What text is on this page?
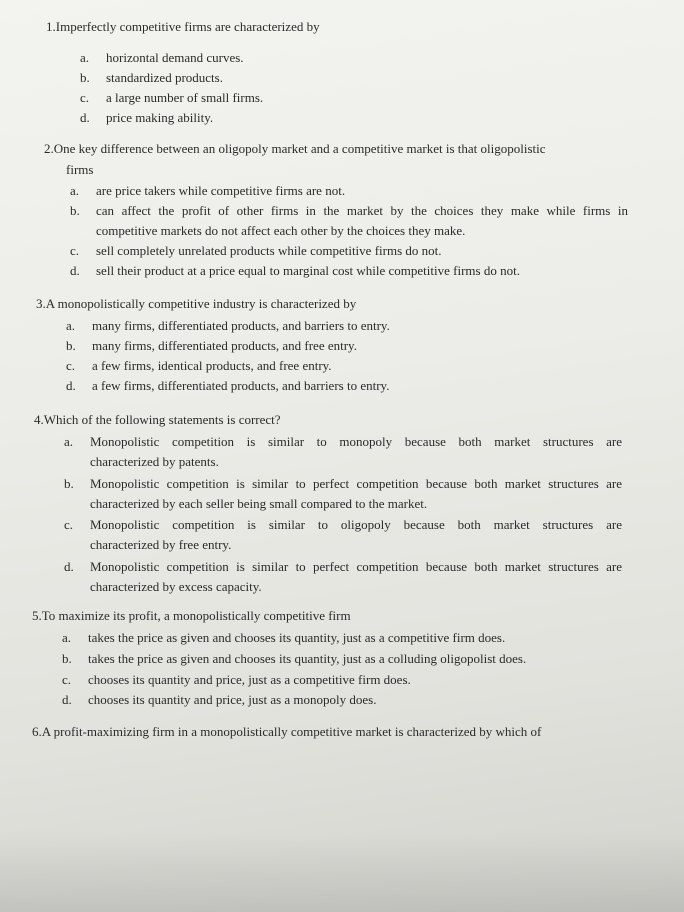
1.Imperfectly competitive firms are characterized by
a.	horizontal demand curves.
b.	standardized products.
c.	a large number of small firms.
d.	price making ability.
2.One key difference between an oligopoly market and a competitive market is that oligopolistic
firms
a.	are price takers while competitive firms are not.
b.	can affect the profit of other firms in the market by the choices they make while firms in
competitive markets do not affect each other by the choices they make.
c.	sell completely unrelated products while competitive firms do not.
d.	sell their product at a price equal to marginal cost while competitive firms do not.
3.A monopolistically competitive industry is characterized by
a.	many firms, differentiated products, and barriers to entry.
b.	many firms, differentiated products, and free entry.
c.	a few firms, identical products, and free entry.
d.	a few firms, differentiated products, and barriers to entry.
4.Which of the following statements is correct?
a.	Monopolistic competition is similar to monopoly because both market structures are
characterized by patents.
b.	Monopolistic competition is similar to perfect competition because both market structures are
characterized by each seller being small compared to the market.
c.	Monopolistic competition is similar to oligopoly because both market structures are
characterized by free entry.
d.	Monopolistic competition is similar to perfect competition because both market structures are
characterized by excess capacity.
5.To maximize its profit, a monopolistically competitive firm
a.	takes the price as given and chooses its quantity, just as a competitive firm does.
b.	takes the price as given and chooses its quantity, just as a colluding oligopolist does.
c.	chooses its quantity and price, just as a competitive firm does.
d.	chooses its quantity and price, just as a monopoly does.
6.A profit-maximizing firm in a monopolistically competitive market is characterized by which of
